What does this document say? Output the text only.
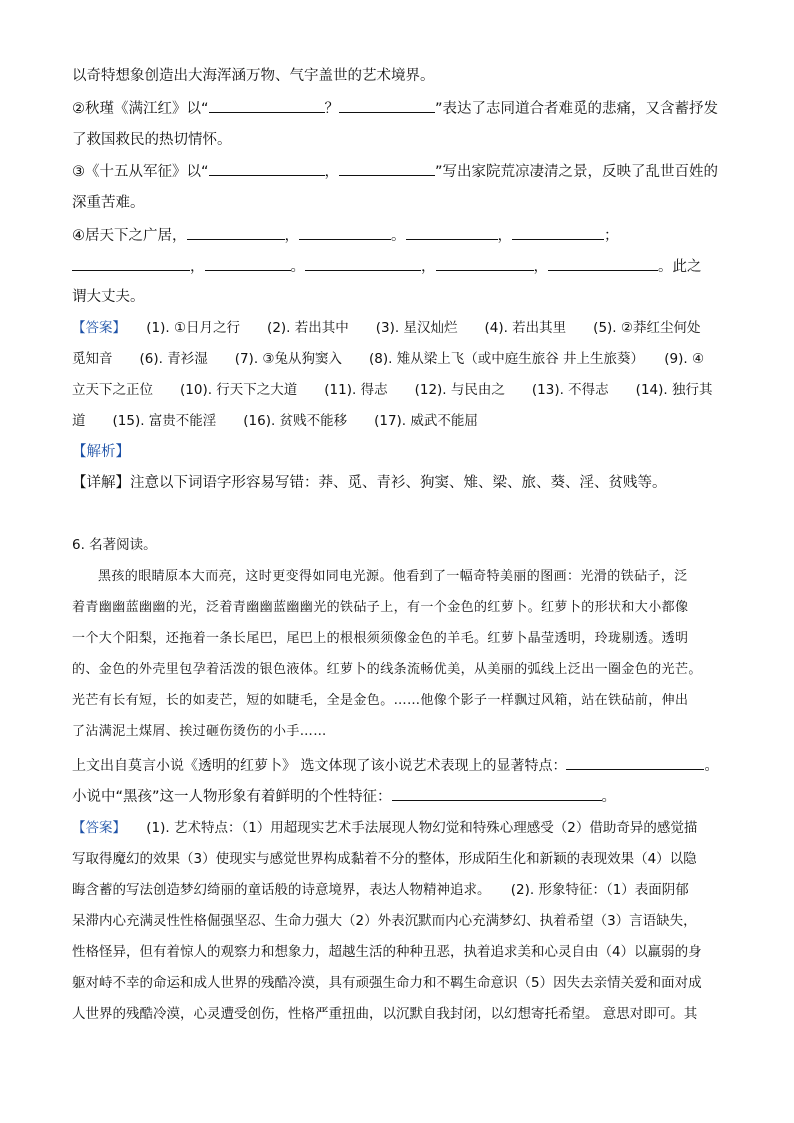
以奇特想象创造出大海浑涵万物、气宇盖世的艺术境界。
②秋瑾《满江红》以“	？	”表达了志同道合者难觅的悲痛，又含蓄抒发
了救国救民的热切情怀。
③《十五从军征》以“	，	”写出家院荒凉凄清之景，反映了乱世百姓的
深重苦难。
④居天下之广居，	，	。	，	；
，	。	，	，	。此之
谓大丈夫。
【答案】　　 (1). ①日月之行　　(2). 若出其中　　(3). 星汉灿烂　　(4). 若出其里　　(5). ②莽红尘何处
觅知音　　(6). 青衫湿　　(7). ③兔从狗窦入　　(8). 雉从梁上飞（或中庭生旅谷 井上生旅葵）　　(9). ④
立天下之正位　　(10). 行天下之大道　　(11). 得志　　(12). 与民由之　　(13). 不得志　　(14). 独行其
道　　(15). 富贵不能淫　　(16). 贫贱不能移　　(17). 威武不能屈
【解析】
【详解】注意以下词语字形容易写错：莽、觅、青衫、狗窦、雉、梁、旅、葵、淫、贫贱等。
6. 名著阅读。
黑孩的眼睛原本大而亮，这时更变得如同电光源。他看到了一幅奇特美丽的图画：光滑的铁砧子，泛
着青幽幽蓝幽幽的光，泛着青幽幽蓝幽幽光的铁砧子上，有一个金色的红萝卜。红萝卜的形状和大小都像
一个大个阳梨，还拖着一条长尾巴，尾巴上的根根须须像金色的羊毛。红萝卜晶莹透明，玲珑剔透。透明
的、金色的外壳里包孕着活泼的银色液体。红萝卜的线条流畅优美，从美丽的弧线上泛出一圈金色的光芒。
光芒有长有短，长的如麦芒，短的如睫毛，全是金色。……他像个影子一样飘过风箱，站在铁砧前，伸出
了沾满泥土煤屑、挨过砸伤烫伤的小手……
上文出自莫言小说《透明的红萝卜》 选文体现了该小说艺术表现上的显著特点：	。
小说中“黑孩”这一人物形象有着鲜明的个性特征：	。
【答案】　　 (1). 艺术特点：（1）用超现实艺术手法展现人物幻觉和特殊心理感受（2）借助奇异的感觉描
写取得魔幻的效果（3）使现实与感觉世界构成黏着不分的整体，形成陌生化和新颖的表现效果（4）以隐
晦含蓄的写法创造梦幻绮丽的童话般的诗意境界，表达人物精神追求。　　(2). 形象特征：（1）表面阴郁
呆滞内心充满灵性性格倔强坚忍、生命力强大（2）外表沉默而内心充满梦幻、执着希望（3）言语缺失，
性格怪异，但有着惊人的观察力和想象力，超越生活的种种丑恶，执着追求美和心灵自由（4）以羸弱的身
躯对峙不幸的命运和成人世界的残酷冷漠，具有顽强生命力和不羁生命意识（5）因失去亲情关爱和面对成
人世界的残酷冷漠，心灵遭受创伤，性格严重扭曲，以沉默自我封闭，以幻想寄托希望。 意思对即可。其
